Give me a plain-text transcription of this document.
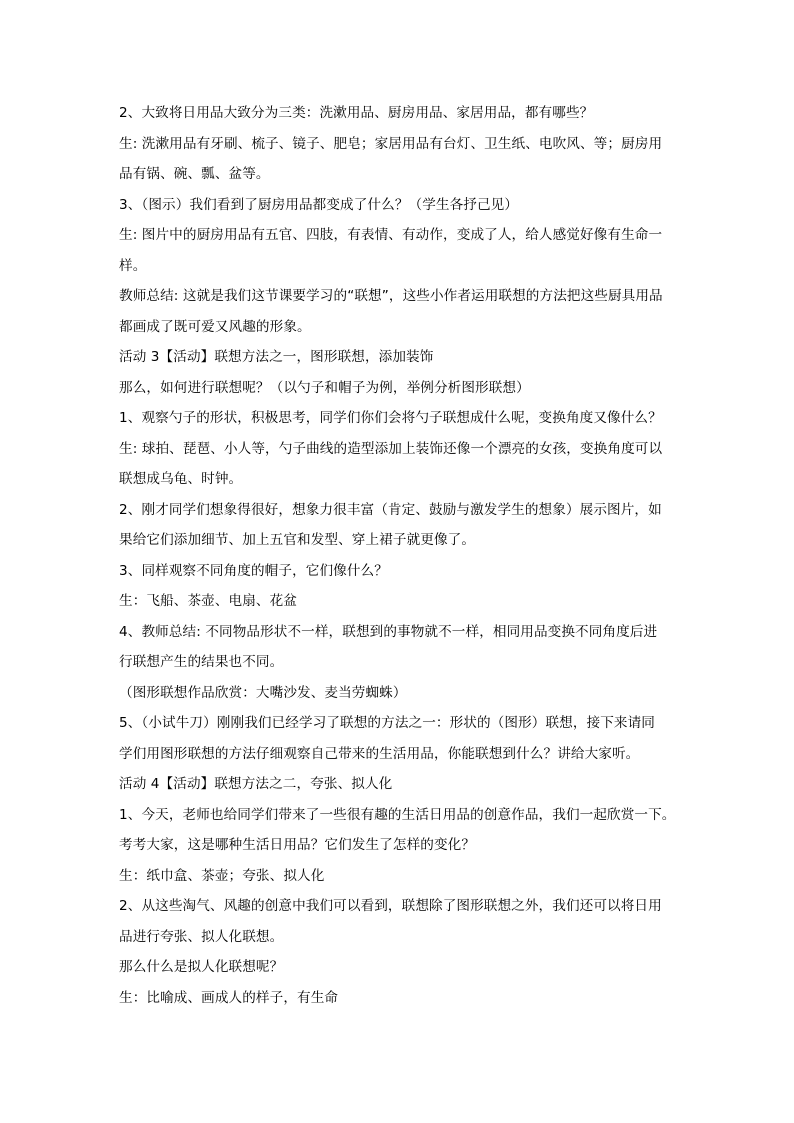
2、大致将日用品大致分为三类：洗漱用品、厨房用品、家居用品，都有哪些？
生: 洗漱用品有牙刷、梳子、镜子、肥皂；家居用品有台灯、卫生纸、电吹风、等；厨房用
品有锅、碗、瓢、盆等。
3、（图示）我们看到了厨房用品都变成了什么？（学生各抒己见）
生: 图片中的厨房用品有五官、四肢，有表情、有动作，变成了人，给人感觉好像有生命一
样。
教师总结: 这就是我们这节课要学习的“联想”，这些小作者运用联想的方法把这些厨具用品
都画成了既可爱又风趣的形象。
活动 3【活动】联想方法之一，图形联想，添加装饰
那么，如何进行联想呢？（以勺子和帽子为例，举例分析图形联想）
1、观察勺子的形状，积极思考，同学们你们会将勺子联想成什么呢，变换角度又像什么？
生: 球拍、琵琶、小人等，勺子曲线的造型添加上装饰还像一个漂亮的女孩，变换角度可以
联想成乌龟、时钟。
2、刚才同学们想象得很好，想象力很丰富（肯定、鼓励与激发学生的想象）展示图片，如
果给它们添加细节、加上五官和发型、穿上裙子就更像了。
3、同样观察不同角度的帽子，它们像什么？
生：飞船、茶壶、电扇、花盆
4、教师总结: 不同物品形状不一样，联想到的事物就不一样，相同用品变换不同角度后进
行联想产生的结果也不同。
（图形联想作品欣赏：大嘴沙发、麦当劳蜘蛛）
5、（小试牛刀）刚刚我们已经学习了联想的方法之一：形状的（图形）联想，接下来请同
学们用图形联想的方法仔细观察自己带来的生活用品，你能联想到什么？讲给大家听。
活动 4【活动】联想方法之二，夸张、拟人化
1、今天，老师也给同学们带来了一些很有趣的生活日用品的创意作品，我们一起欣赏一下。
考考大家，这是哪种生活日用品？它们发生了怎样的变化？
生：纸巾盒、茶壶；夸张、拟人化
2、从这些淘气、风趣的创意中我们可以看到，联想除了图形联想之外，我们还可以将日用
品进行夸张、拟人化联想。
那么什么是拟人化联想呢？
生：比喻成、画成人的样子，有生命
